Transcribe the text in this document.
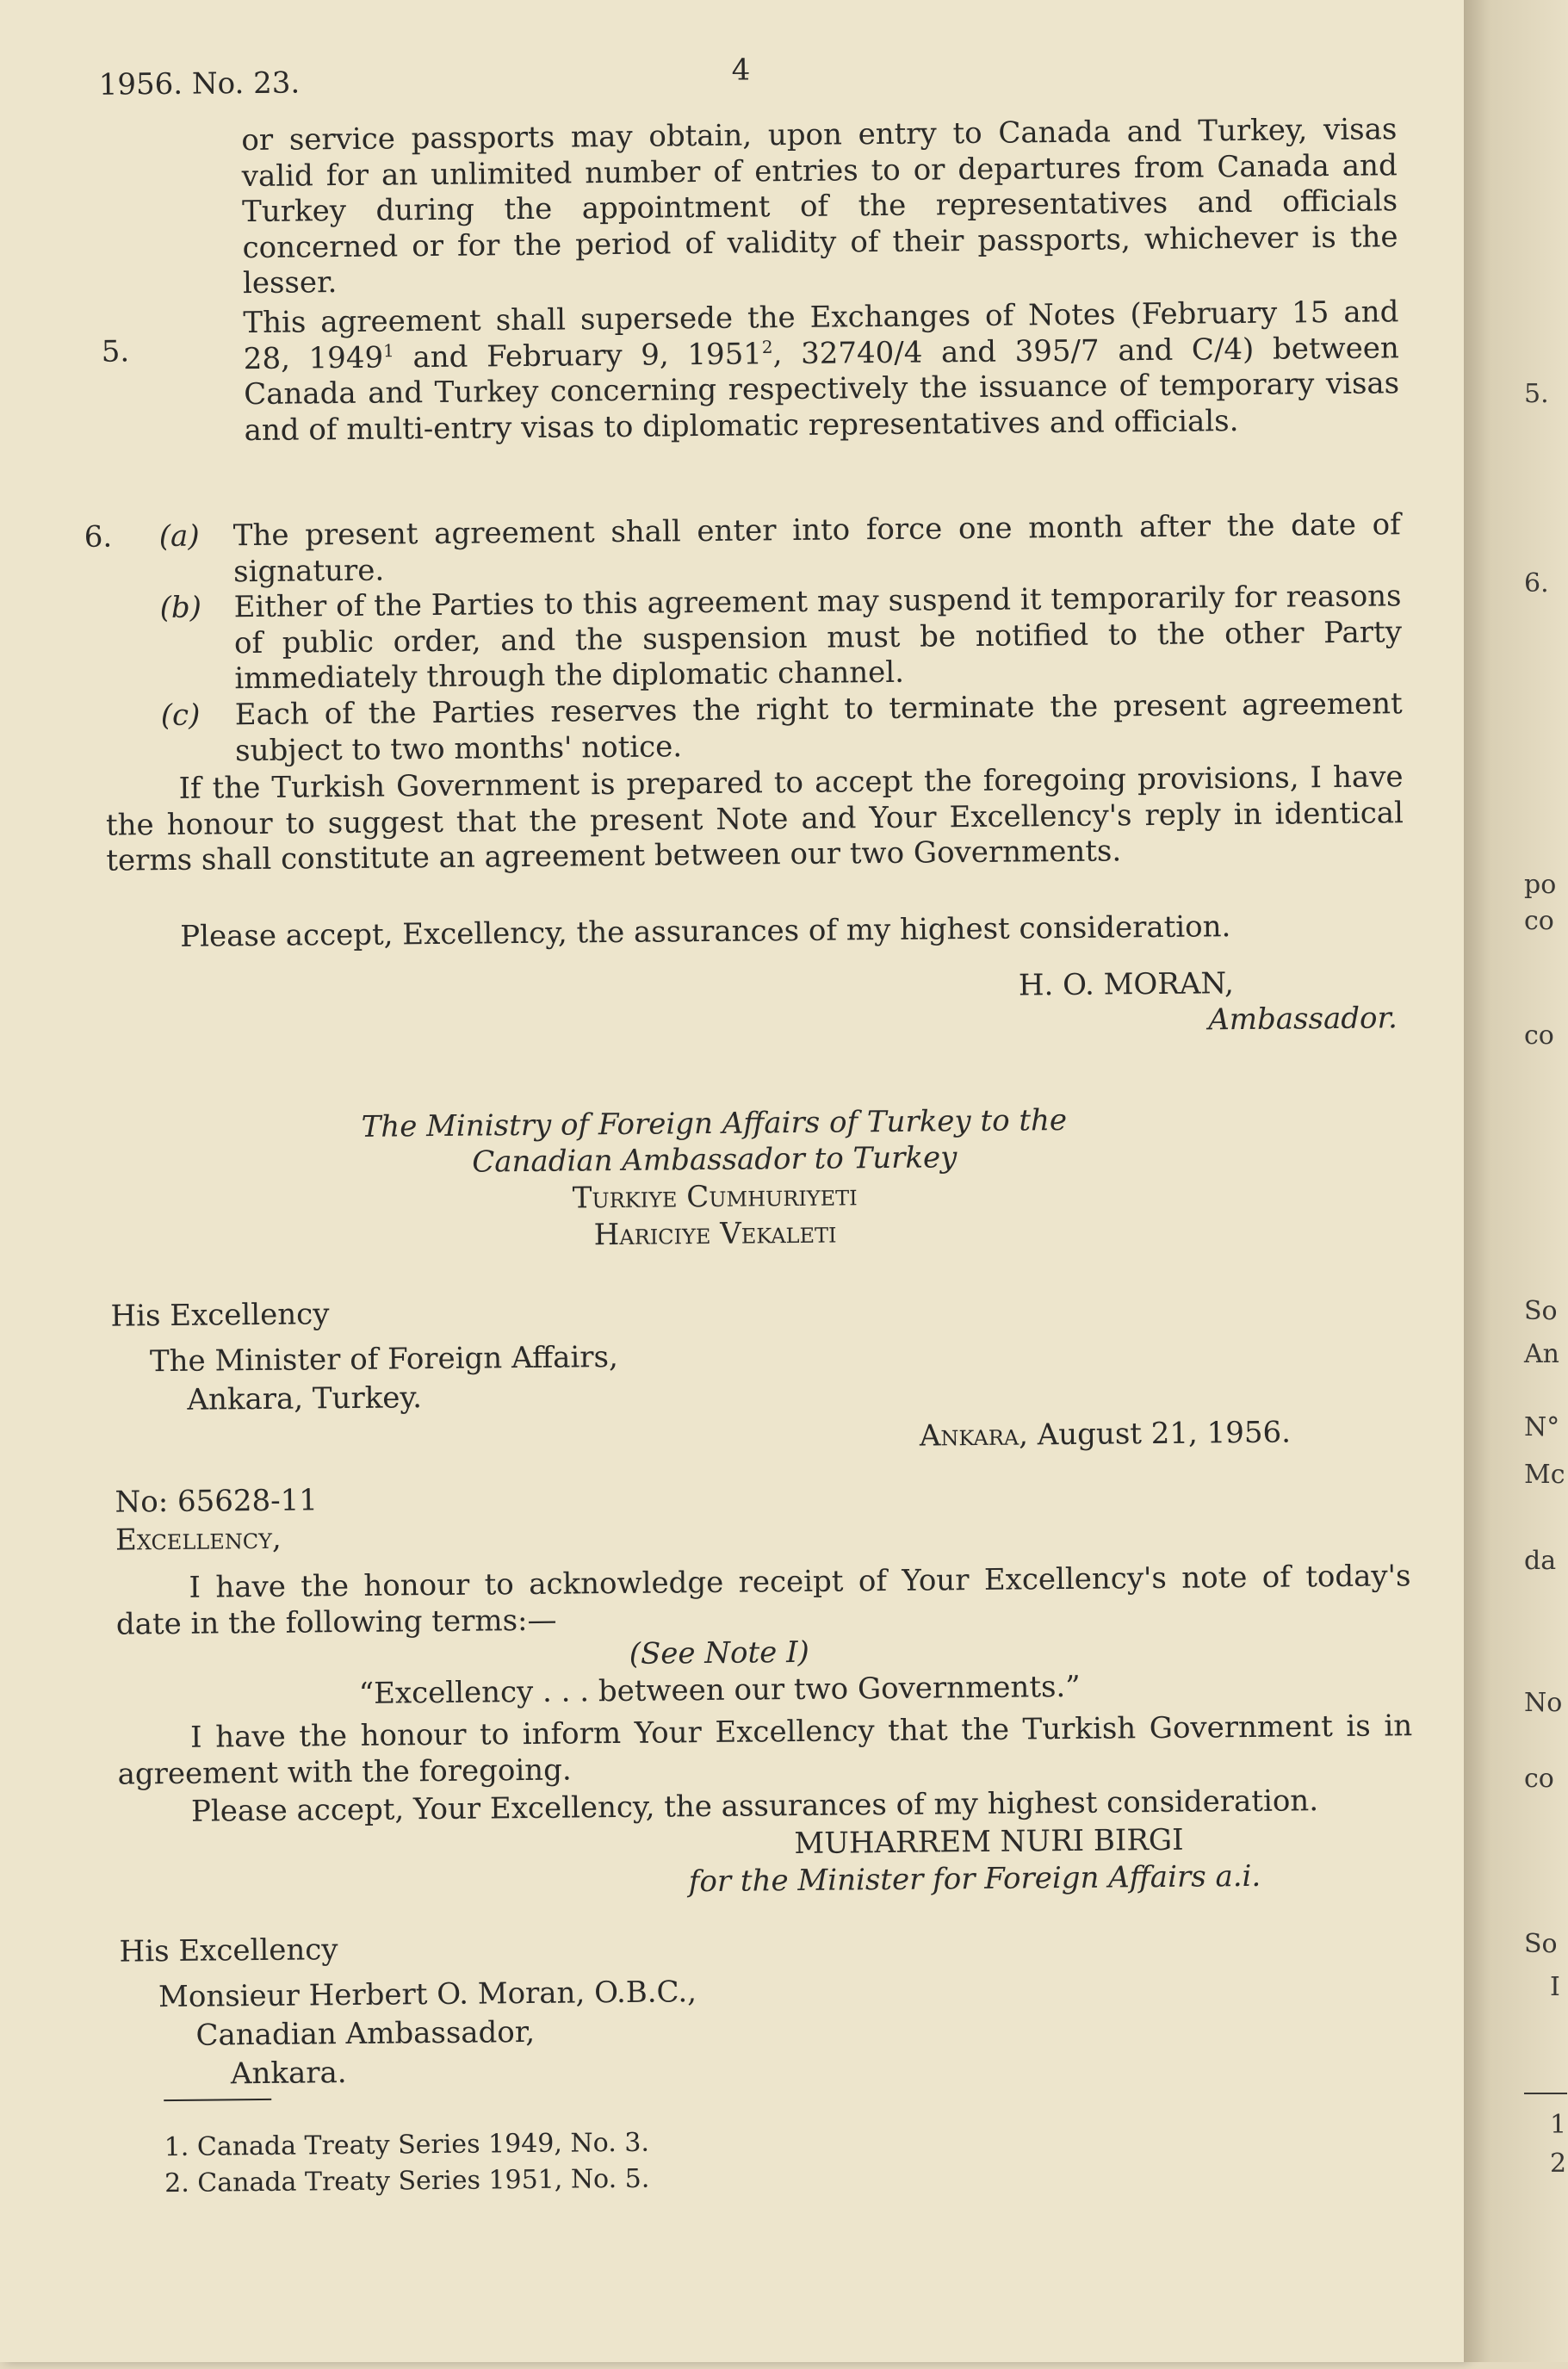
1956. No. 23.	4
or service passports may obtain, upon entry to Canada and Turkey, visas valid for an unlimited number of entries to or departures from Canada and Turkey during the appointment of the representatives and officials concerned or for the period of validity of their passports, whichever is the lesser.
5.
This agreement shall supersede the Exchanges of Notes (February 15 and 28, 1949$^1$ and February 9, 1951$^2$, 32740/4 and 395/7 and C/4) between Canada and Turkey concerning respectively the issuance of temporary visas and of multi-entry visas to diplomatic representatives and officials.
6. (a) The present agreement shall enter into force one month after the date of signature.
(b) Either of the Parties to this agreement may suspend it temporarily for reasons of public order, and the suspension must be notified to the other Party immediately through the diplomatic channel.
(c) Each of the Parties reserves the right to terminate the present agreement subject to two months' notice.
If the Turkish Government is prepared to accept the foregoing provisions, I have the honour to suggest that the present Note and Your Excellency's reply in identical terms shall constitute an agreement between our two Governments.
Please accept, Excellency, the assurances of my highest consideration.
H. O. MORAN,
Ambassador.
The Ministry of Foreign Affairs of Turkey to the
Canadian Ambassador to Turkey
Turkiye Cumhuriyeti
Hariciye Vekaleti
His Excellency
The Minister of Foreign Affairs,
Ankara, Turkey.
Ankara, August 21, 1956.
No: 65628-11
Excellency,
I have the honour to acknowledge receipt of Your Excellency's note of today's date in the following terms:—
(See Note I)
“Excellency . . . between our two Governments.”
I have the honour to inform Your Excellency that the Turkish Government is in agreement with the foregoing.
Please accept, Your Excellency, the assurances of my highest consideration.
MUHARREM NURI BIRGI
for the Minister for Foreign Affairs a.i.
His Excellency
Monsieur Herbert O. Moran, O.B.C.,
Canadian Ambassador,
Ankara.
1. Canada Treaty Series 1949, No. 3.
2. Canada Treaty Series 1951, No. 5.
5.
6.
po
co
co
So
An
N°
Mc
da
No
co
So
I
1
2
